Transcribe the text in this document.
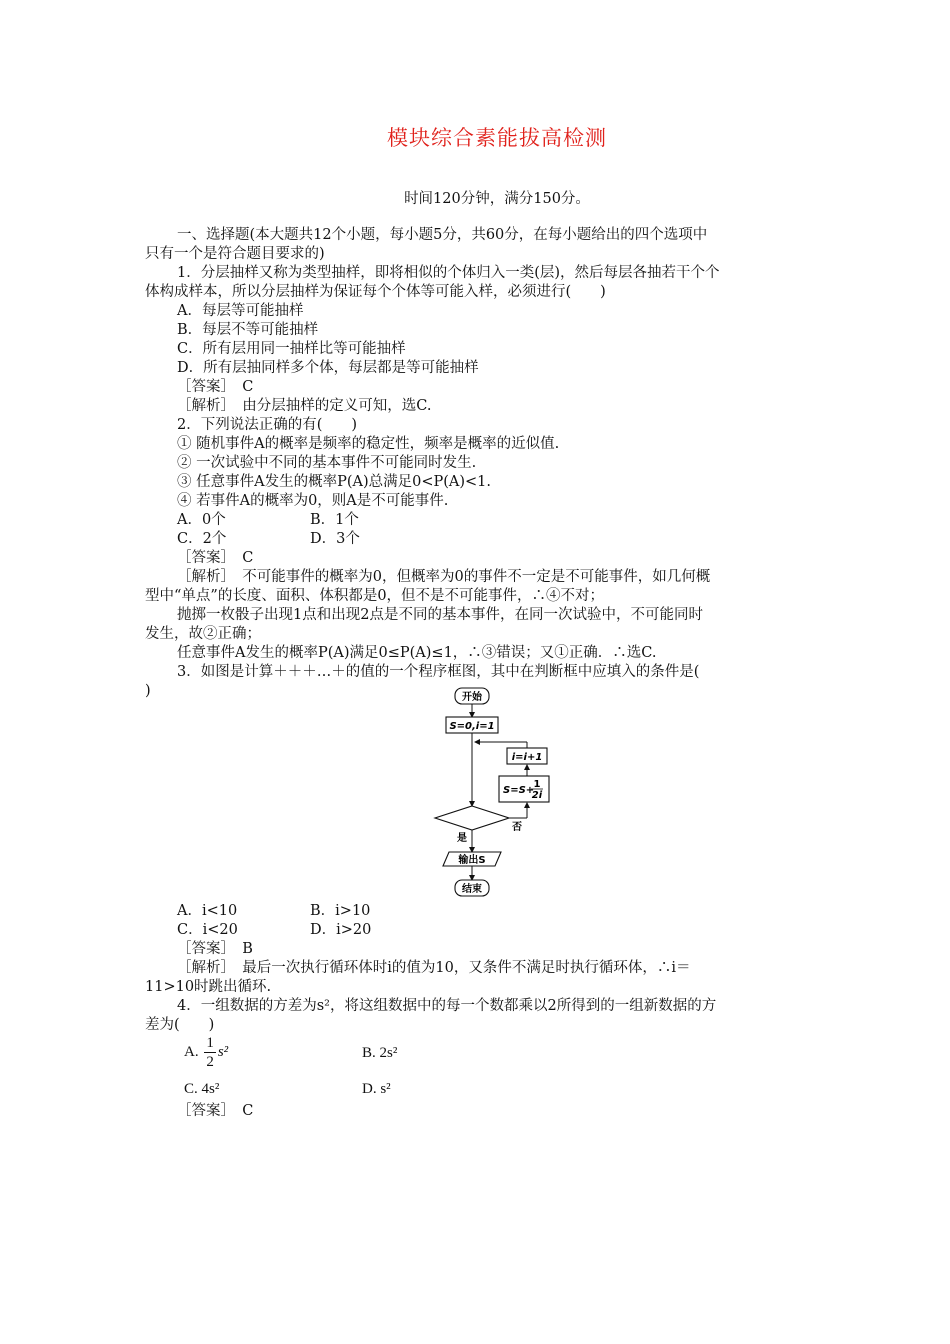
模块综合素能拔高检测
时间120分钟，满分150分。
一、选择题(本大题共12个小题，每小题5分，共60分，在每小题给出的四个选项中
只有一个是符合题目要求的)
1．分层抽样又称为类型抽样，即将相似的个体归入一类(层)，然后每层各抽若干个个
体构成样本，所以分层抽样为保证每个个体等可能入样，必须进行(　　)
A．每层等可能抽样
B．每层不等可能抽样
C．所有层用同一抽样比等可能抽样
D．所有层抽同样多个体，每层都是等可能抽样
［答案］　C
［解析］　由分层抽样的定义可知，选C.
2．下列说法正确的有(　　)
① 随机事件A的概率是频率的稳定性，频率是概率的近似值.
② 一次试验中不同的基本事件不可能同时发生.
③ 任意事件A发生的概率P(A)总满足0<P(A)<1.
④ 若事件A的概率为0，则A是不可能事件.
A．0个	B．1个
C．2个	D．3个
［答案］　C
［解析］　不可能事件的概率为0，但概率为0的事件不一定是不可能事件，如几何概
型中“单点”的长度、面积、体积都是0，但不是不可能事件，∴④不对；
抛掷一枚骰子出现1点和出现2点是不同的基本事件，在同一次试验中，不可能同时
发生，故②正确；
任意事件A发生的概率P(A)满足0≤P(A)≤1，∴③错误；又①正确．∴选C.
3．如图是计算＋＋＋…＋的值的一个程序框图，其中在判断框中应填入的条件是(
)	开始
S=0,i=1
i=i+1
S=S+
1
2i
否
是
输出S
结束
A．i<10	B．i>10
C．i<20	D．i>20
［答案］　B
［解析］　最后一次执行循环体时i的值为10，又条件不满足时执行循环体，∴i＝
11>10时跳出循环.
4．一组数据的方差为s²，将这组数据中的每一个数都乘以2所得到的一组新数据的方
差为(　　)
A. $\frac{1}{2} s^2$	B. 2s²
C. 4s²	D. s²
［答案］　C
